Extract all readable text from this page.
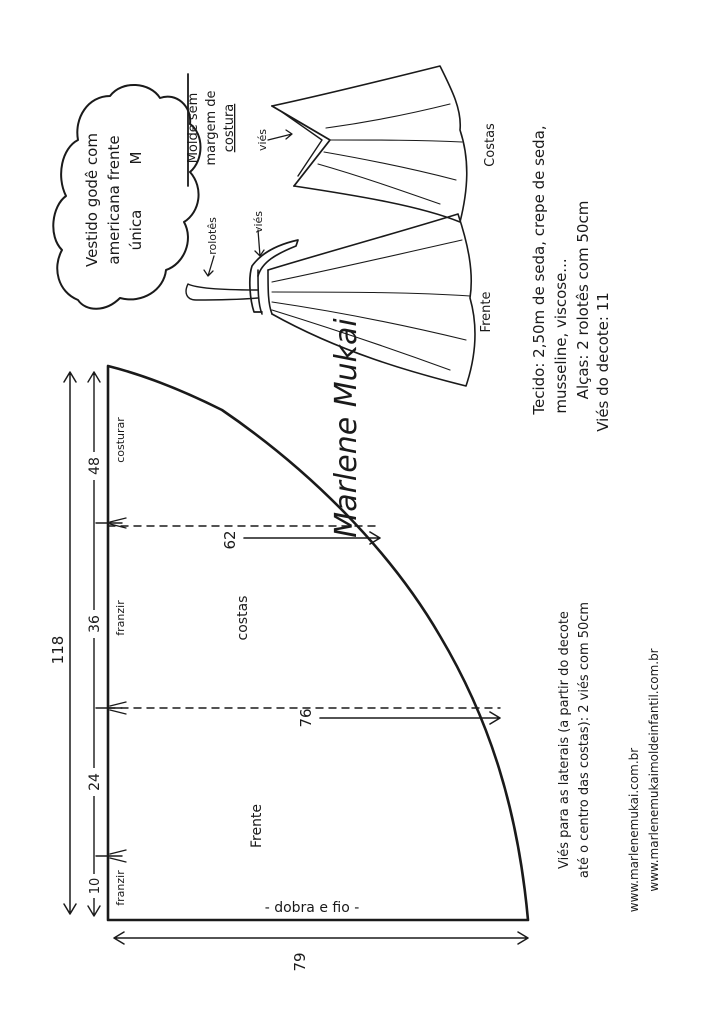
Vestido godê com americana frente única
M	Molde sem margem de costura viés	Costas
viés
rolotês
Frente
Marlene Mukai
Tecido: 2,50m de seda, crepe de seda, musseline, viscose... Alças: 2 rolotês com 50cm Viés do decote: 11
62
76
costas
Frente
- dobra e fio -
costurar
franzir
franzir
118
48
36
24
10
79
Viés para as laterais (a partir do decote até o centro das costas): 2 viés com 50cm	www.marlenemukai.com.br www.marlenemukaimoldeinfantil.com.br
